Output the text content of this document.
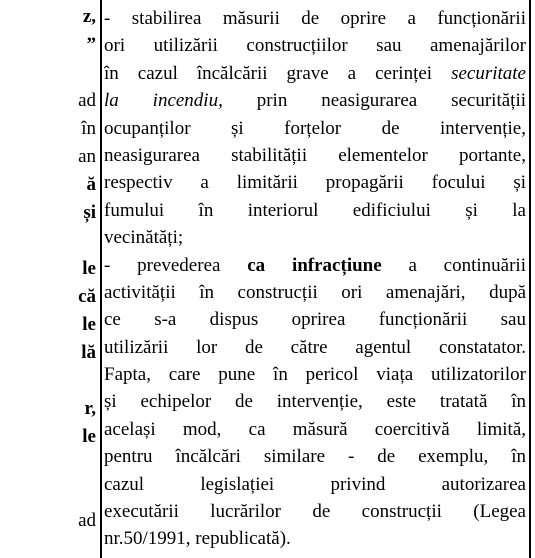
z,
”
ad
în
an
ă
și
le
că
le
lă
r,
le
ad
- stabilirea măsurii de oprire a funcționării
ori utilizării construcțiilor sau amenajărilor
în cazul încălcării grave a cerinței securitate
la incendiu, prin neasigurarea securității
ocupanților și forțelor de intervenție,
neasigurarea stabilității elementelor portante,
respectiv a limitării propagării focului și
fumului în interiorul edificiului și la
vecinătăți;
- prevederea ca infracțiune a continuării
activității în construcții ori amenajări, după
ce s-a dispus oprirea funcționării sau
utilizării lor de către agentul constatator.
Fapta, care pune în pericol viața utilizatorilor
și echipelor de intervenție, este tratată în
același mod, ca măsură coercitivă limită,
pentru încălcări similare - de exemplu, în
cazul legislației privind autorizarea
executării lucrărilor de construcții (Legea
nr.50/1991, republicată).
